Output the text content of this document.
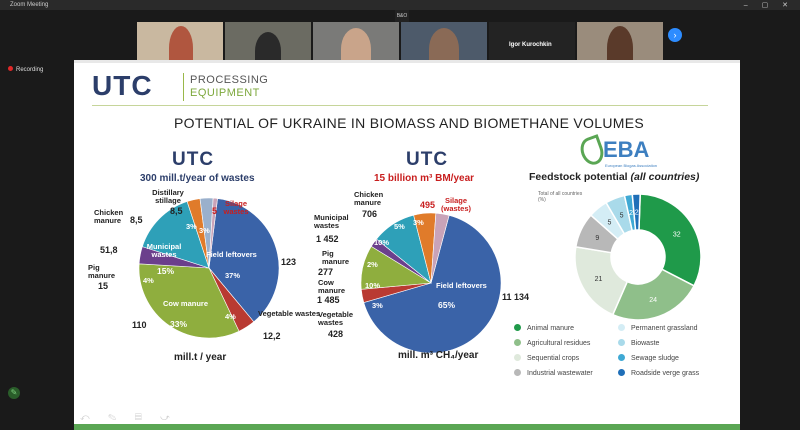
Zoom Meeting	– ▢ ✕
Igor Kurochkin
B&O
›
Recording
✎
UTC	PROCESSING
EQUIPMENT
POTENTIAL OF UKRAINE IN BIOMASS AND BIOMETHANE VOLUMES
UTC
300 mill.t/year of wastes
32
24
21
9
5
5 2 2
Field leftovers
37%
Cow manure
33%
Municipal wastes
15%
4%
4%
3%
3%
123
Vegetable wastes
12,2
110
Pig manure
15
51,8
Chicken manure 8,5
Distillary stillage
8,5	5
Silage wastes
mill.t / year
UTC
15 billion m³ BM/year
Field leftovers
65%
10%
5% 3%
2%
10%
3%
11 134
Vegetable wastes
428
Cow manure
1 485
Pig manure
277
Municipal wastes
1 452
Chicken manure
706
495	Silage (wastes)
mill. m³ CH₄/year
EBA
European Biogas Association
Feedstock potential (all countries)
Total of all countries
(%)
Animal manure	Permanent grassland
Agricultural residues	Biowaste
Sequential crops	Sewage sludge
Industrial wastewater	Roadside verge grass
⤺ ✎ ▤ ⤻
